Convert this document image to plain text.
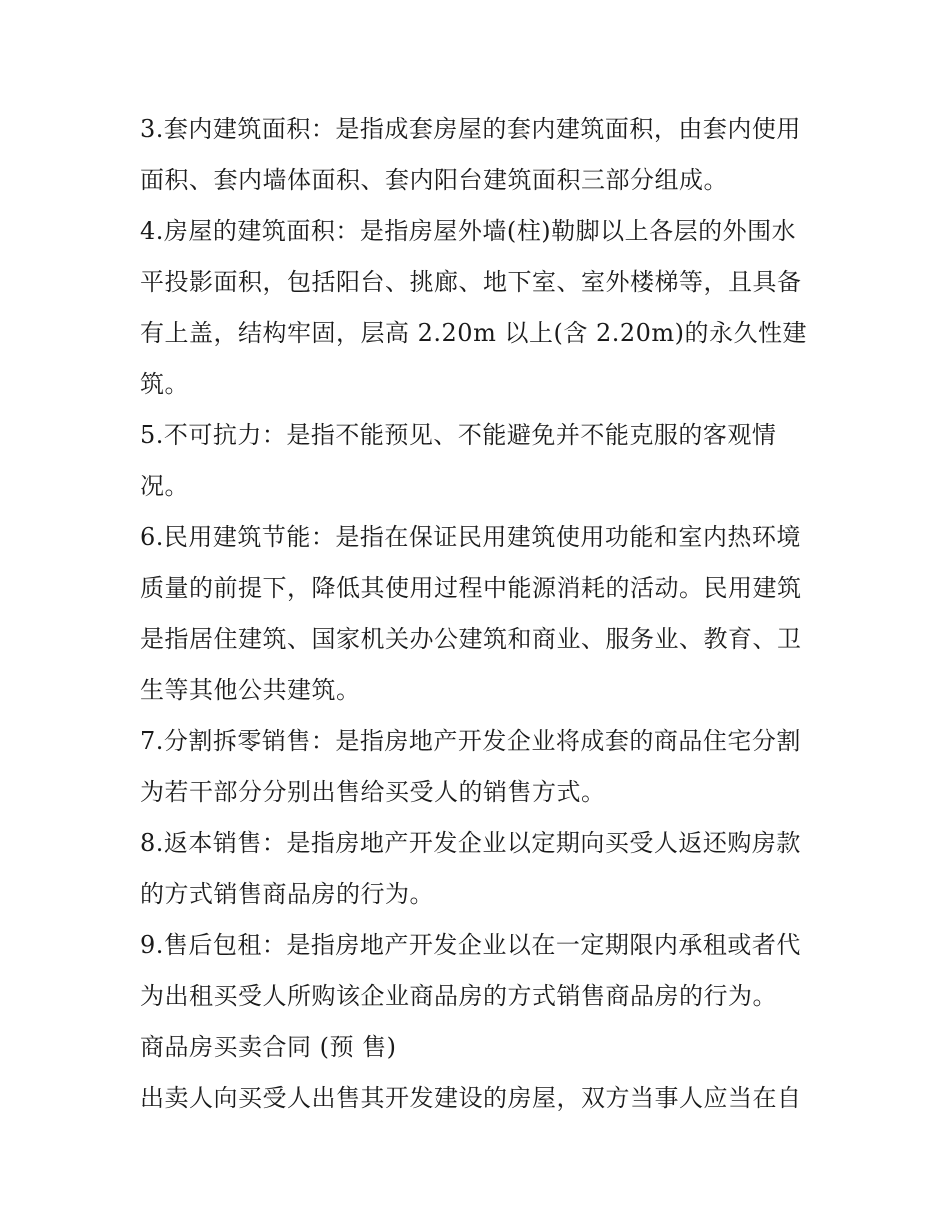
3.套内建筑面积：是指成套房屋的套内建筑面积，由套内使用
面积、套内墙体面积、套内阳台建筑面积三部分组成。
4.房屋的建筑面积：是指房屋外墙(柱)勒脚以上各层的外围水
平投影面积，包括阳台、挑廊、地下室、室外楼梯等，且具备
有上盖，结构牢固，层高 2.20m 以上(含 2.20m)的永久性建
筑。
5.不可抗力：是指不能预见、不能避免并不能克服的客观情
况。
6.民用建筑节能：是指在保证民用建筑使用功能和室内热环境
质量的前提下，降低其使用过程中能源消耗的活动。民用建筑
是指居住建筑、国家机关办公建筑和商业、服务业、教育、卫
生等其他公共建筑。
7.分割拆零销售：是指房地产开发企业将成套的商品住宅分割
为若干部分分别出售给买受人的销售方式。
8.返本销售：是指房地产开发企业以定期向买受人返还购房款
的方式销售商品房的行为。
9.售后包租：是指房地产开发企业以在一定期限内承租或者代
为出租买受人所购该企业商品房的方式销售商品房的行为。
商品房买卖合同 (预 售)
出卖人向买受人出售其开发建设的房屋，双方当事人应当在自
